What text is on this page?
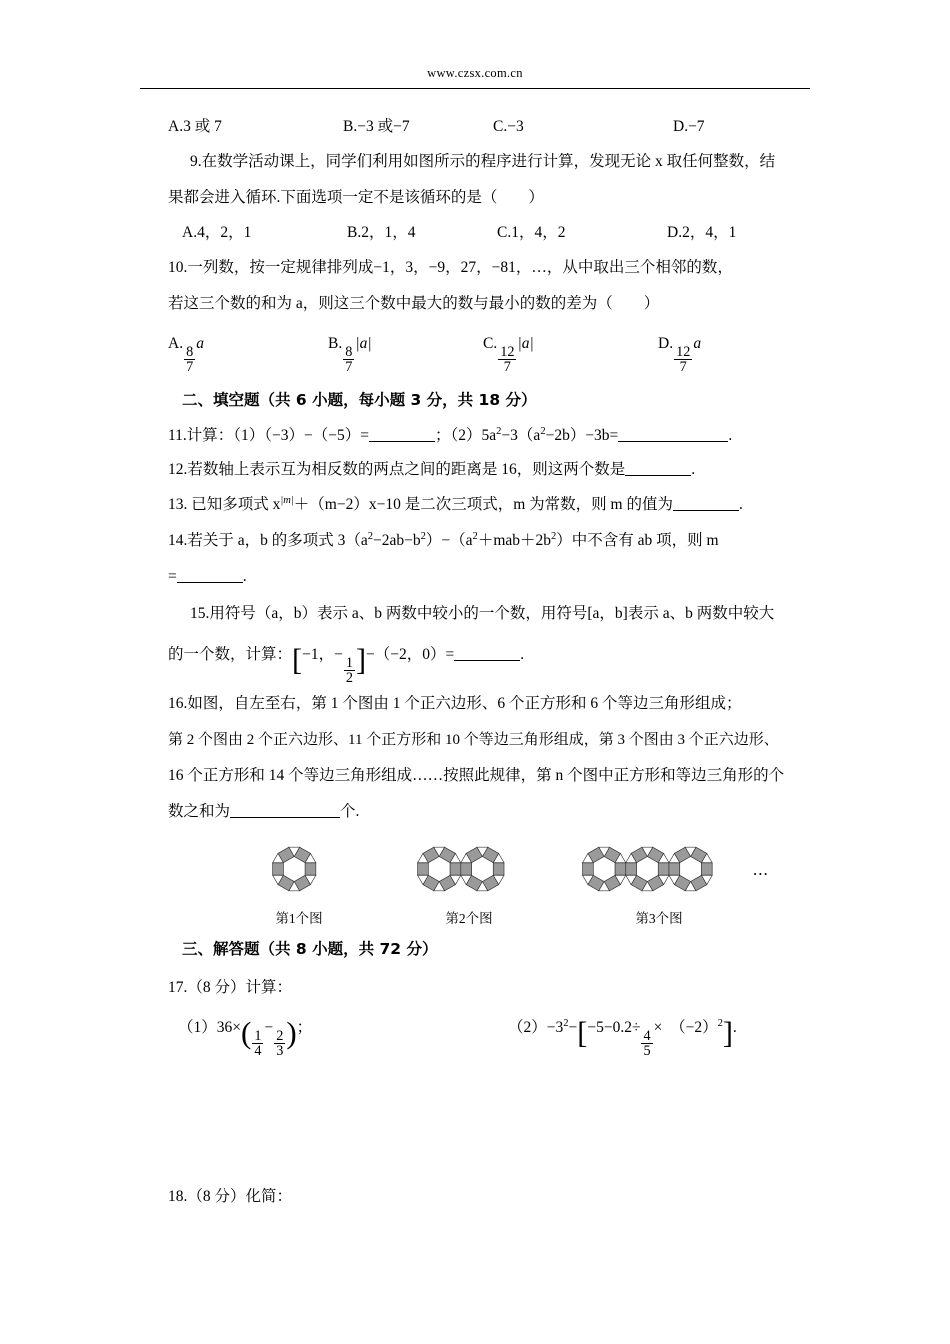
www.czsx.com.cn
A.3 或 7	B.−3 或−7	C.−3	D.−7
9.在数学活动课上，同学们利用如图所示的程序进行计算，发现无论 x 取任何整数，结
果都会进入循环.下面选项一定不是该循环的是（　　）
A.4，2，1	B.2，1，4	C.1，4，2	D.2，4，1
10.一列数，按一定规律排列成−1，3，−9，27，−81，…，从中取出三个相邻的数，
若这三个数的和为 a，则这三个数中最大的数与最小的数的差为（　　）
A.
$\frac{8}{7}$
a	B.
$\frac{8}{7}$
|a|	C.
$\frac{12}{7}$
|a|	D.
$\frac{12}{7}$
a
二、填空题（共 6 小题，每小题 3 分，共 18 分）
11.计算：（1）（−3）−（−5）=	；$(2)5a^2-3(a^2-2b)-3b=$	.
12.若数轴上表示互为相反数的两点之间的距离是 16，则这两个数是	.
13. 已知多项式 $x^{|m|}+(m-2)x-10$ 是二次三项式，m 为常数，则 m 的值为	.
14.若关于 a，b 的多项式 $3(a^2-2ab-b^2)-(a^2+mab+2b^2)$中不含有 ab 项，则 m
=	.
15.用符号（a，b）表示 a、b 两数中较小的一个数，用符号[a，b]表示 a、b 两数中较大
的一个数，计算：[−1，−
$\frac{1}{2} ]-(-2$，0）=	.
16.如图，自左至右，第 1 个图由 1 个正六边形、6 个正方形和 6 个等边三角形组成；
第 2 个图由 2 个正六边形、11 个正方形和 10 个等边三角形组成，第 3 个图由 3 个正六边形、
16 个正方形和 14 个等边三角形组成……按照此规律，第 n 个图中正方形和等边三角形的个
数之和为	个.
第1个图	第2个图	第3个图
...
三、解答题（共 8 小题，共 72 分）
17.（8 分）计算：
$(1)36\times( \frac{1}{4}$
−
$\frac{2}{3}$ )；	$(2)-3^2-[-5-0.2\div$
$\frac{4}{5}$
×　$(-2)^2$].
18.（8 分）化简：
